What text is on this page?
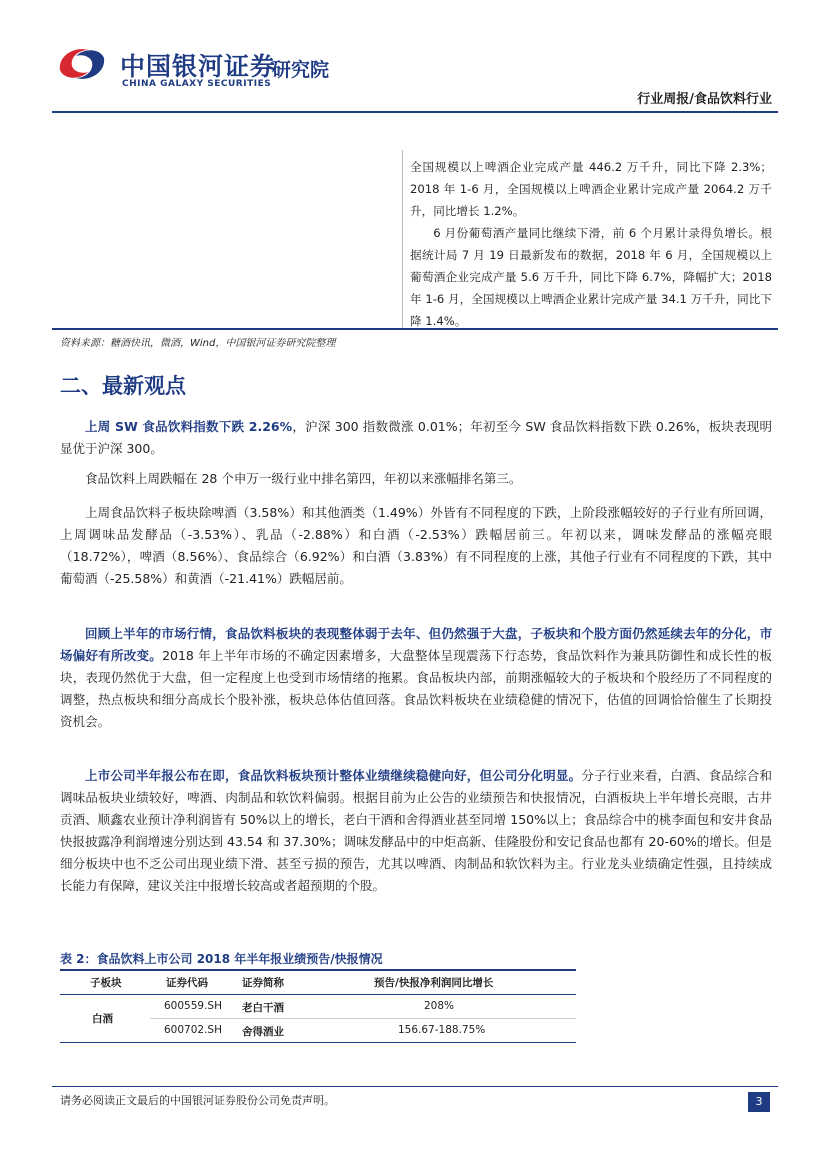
中国银河证券
CHINA GALAXY SECURITIES
研究院
行业周报/食品饮料行业

全国规模以上啤酒企业完成产量 446.2 万千升，同比下降 2.3%；2018 年 1-6 月，全国规模以上啤酒企业累计完成产量 2064.2 万千升，同比增长 1.2%。

6 月份葡萄酒产量同比继续下滑，前 6 个月累计录得负增长。根据统计局 7 月 19 日最新发布的数据，2018 年 6 月，全国规模以上葡萄酒企业完成产量 5.6 万千升，同比下降 6.7%，降幅扩大；2018 年 1-6 月，全国规模以上啤酒企业累计完成产量 34.1 万千升，同比下降 1.4%。

资料来源：糖酒快讯，微酒，Wind，中国银河证券研究院整理
二、最新观点

上周 SW 食品饮料指数下跌 2.26%，沪深 300 指数微涨 0.01%；年初至今 SW 食品饮料指数下跌 0.26%，板块表现明显优于沪深 300。

食品饮料上周跌幅在 28 个申万一级行业中排名第四，年初以来涨幅排名第三。

上周食品饮料子板块除啤酒（3.58%）和其他酒类（1.49%）外皆有不同程度的下跌，上阶段涨幅较好的子行业有所回调，上周调味品发酵品（-3.53%）、乳品（-2.88%）和白酒（-2.53%）跌幅居前三。年初以来，调味发酵品的涨幅亮眼（18.72%），啤酒（8.56%）、食品综合（6.92%）和白酒（3.83%）有不同程度的上涨，其他子行业有不同程度的下跌，其中葡萄酒（-25.58%）和黄酒（-21.41%）跌幅居前。

回顾上半年的市场行情，食品饮料板块的表现整体弱于去年、但仍然强于大盘，子板块和个股方面仍然延续去年的分化，市场偏好有所改变。2018 年上半年市场的不确定因素增多，大盘整体呈现震荡下行态势，食品饮料作为兼具防御性和成长性的板块，表现仍然优于大盘，但一定程度上也受到市场情绪的拖累。食品板块内部，前期涨幅较大的子板块和个股经历了不同程度的调整，热点板块和细分高成长个股补涨，板块总体估值回落。食品饮料板块在业绩稳健的情况下，估值的回调恰恰催生了长期投资机会。

上市公司半年报公布在即，食品饮料板块预计整体业绩继续稳健向好，但公司分化明显。分子行业来看，白酒、食品综合和调味品板块业绩较好，啤酒、肉制品和软饮料偏弱。根据目前为止公告的业绩预告和快报情况，白酒板块上半年增长亮眼，古井贡酒、顺鑫农业预计净利润皆有 50%以上的增长，老白干酒和舍得酒业甚至同增 150%以上；食品综合中的桃李面包和安井食品快报披露净利润增速分别达到 43.54 和 37.30%；调味发酵品中的中炬高新、佳隆股份和安记食品也都有 20-60%的增长。但是细分板块中也不乏公司出现业绩下滑、甚至亏损的预告，尤其以啤酒、肉制品和软饮料为主。行业龙头业绩确定性强，且持续成长能力有保障，建议关注中报增长较高或者超预期的个股。

表 2：食品饮料上市公司 2018 年半年报业绩预告/快报情况
子板块	证券代码	证券简称	预告/快报净利润同比增长
白酒
600559.SH 老白干酒	208%
600702.SH 舍得酒业	156.67-188.75%
请务必阅读正文最后的中国银河证券股份公司免责声明。	3
